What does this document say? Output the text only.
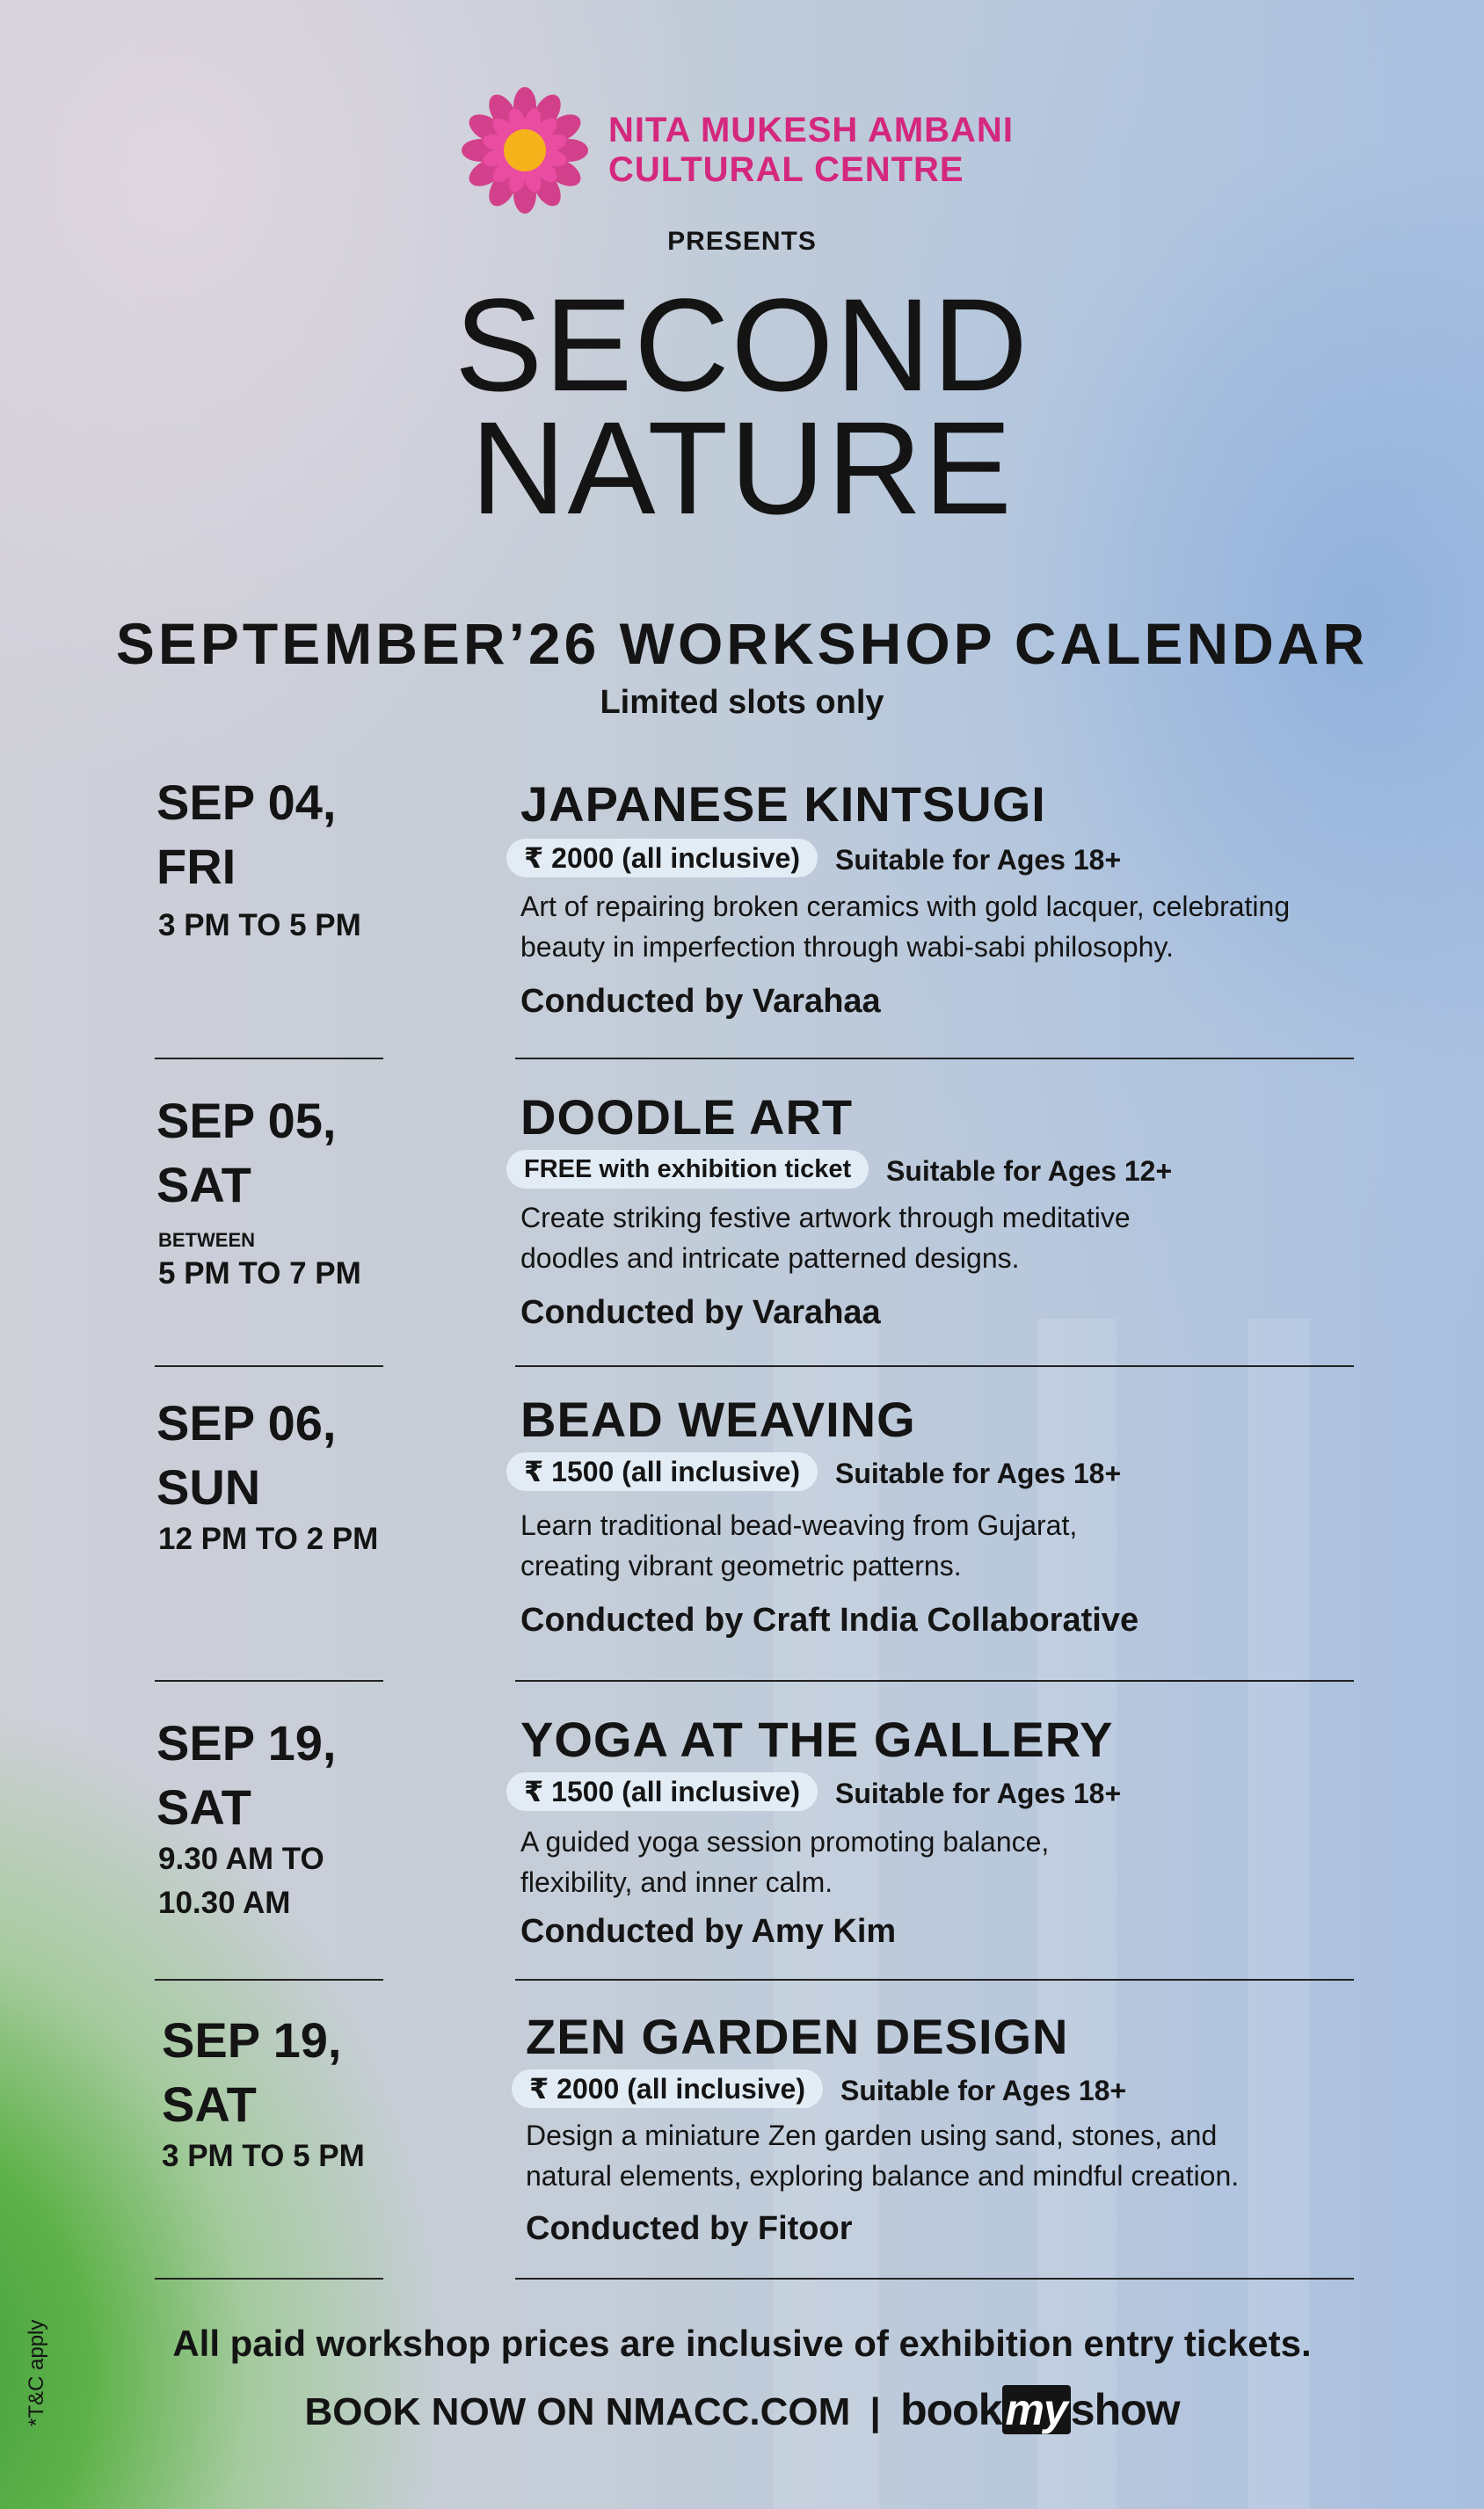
NITA MUKESH AMBANI
CULTURAL CENTRE
PRESENTS
SECOND
NATURE
SEPTEMBER’26 WORKSHOP CALENDAR
Limited slots only
SEP 04,
FRI
3 PM TO 5 PM
JAPANESE KINTSUGI
₹ 2000 (all inclusive)	Suitable for Ages 18+
Art of repairing broken ceramics with gold lacquer, celebrating
beauty in imperfection through wabi-sabi philosophy.
Conducted by Varahaa
SEP 05,
SAT
BETWEEN
5 PM TO 7 PM
DOODLE ART
FREE with exhibition ticket	Suitable for Ages 12+
Create striking festive artwork through meditative
doodles and intricate patterned designs.
Conducted by Varahaa
SEP 06,
SUN
12 PM TO 2 PM
BEAD WEAVING
₹ 1500 (all inclusive)	Suitable for Ages 18+
Learn traditional bead-weaving from Gujarat,
creating vibrant geometric patterns.
Conducted by Craft India Collaborative
SEP 19,
SAT
9.30 AM TO
10.30 AM
YOGA AT THE GALLERY
₹ 1500 (all inclusive)	Suitable for Ages 18+
A guided yoga session promoting balance,
flexibility, and inner calm.
Conducted by Amy Kim
SEP 19,
SAT
3 PM TO 5 PM
ZEN GARDEN DESIGN
₹ 2000 (all inclusive)	Suitable for Ages 18+
Design a miniature Zen garden using sand, stones, and
natural elements, exploring balance and mindful creation.
Conducted by Fitoor
All paid workshop prices are inclusive of exhibition entry tickets.
BOOK NOW ON NMACC.COM | bookmyshow
*T&C apply
